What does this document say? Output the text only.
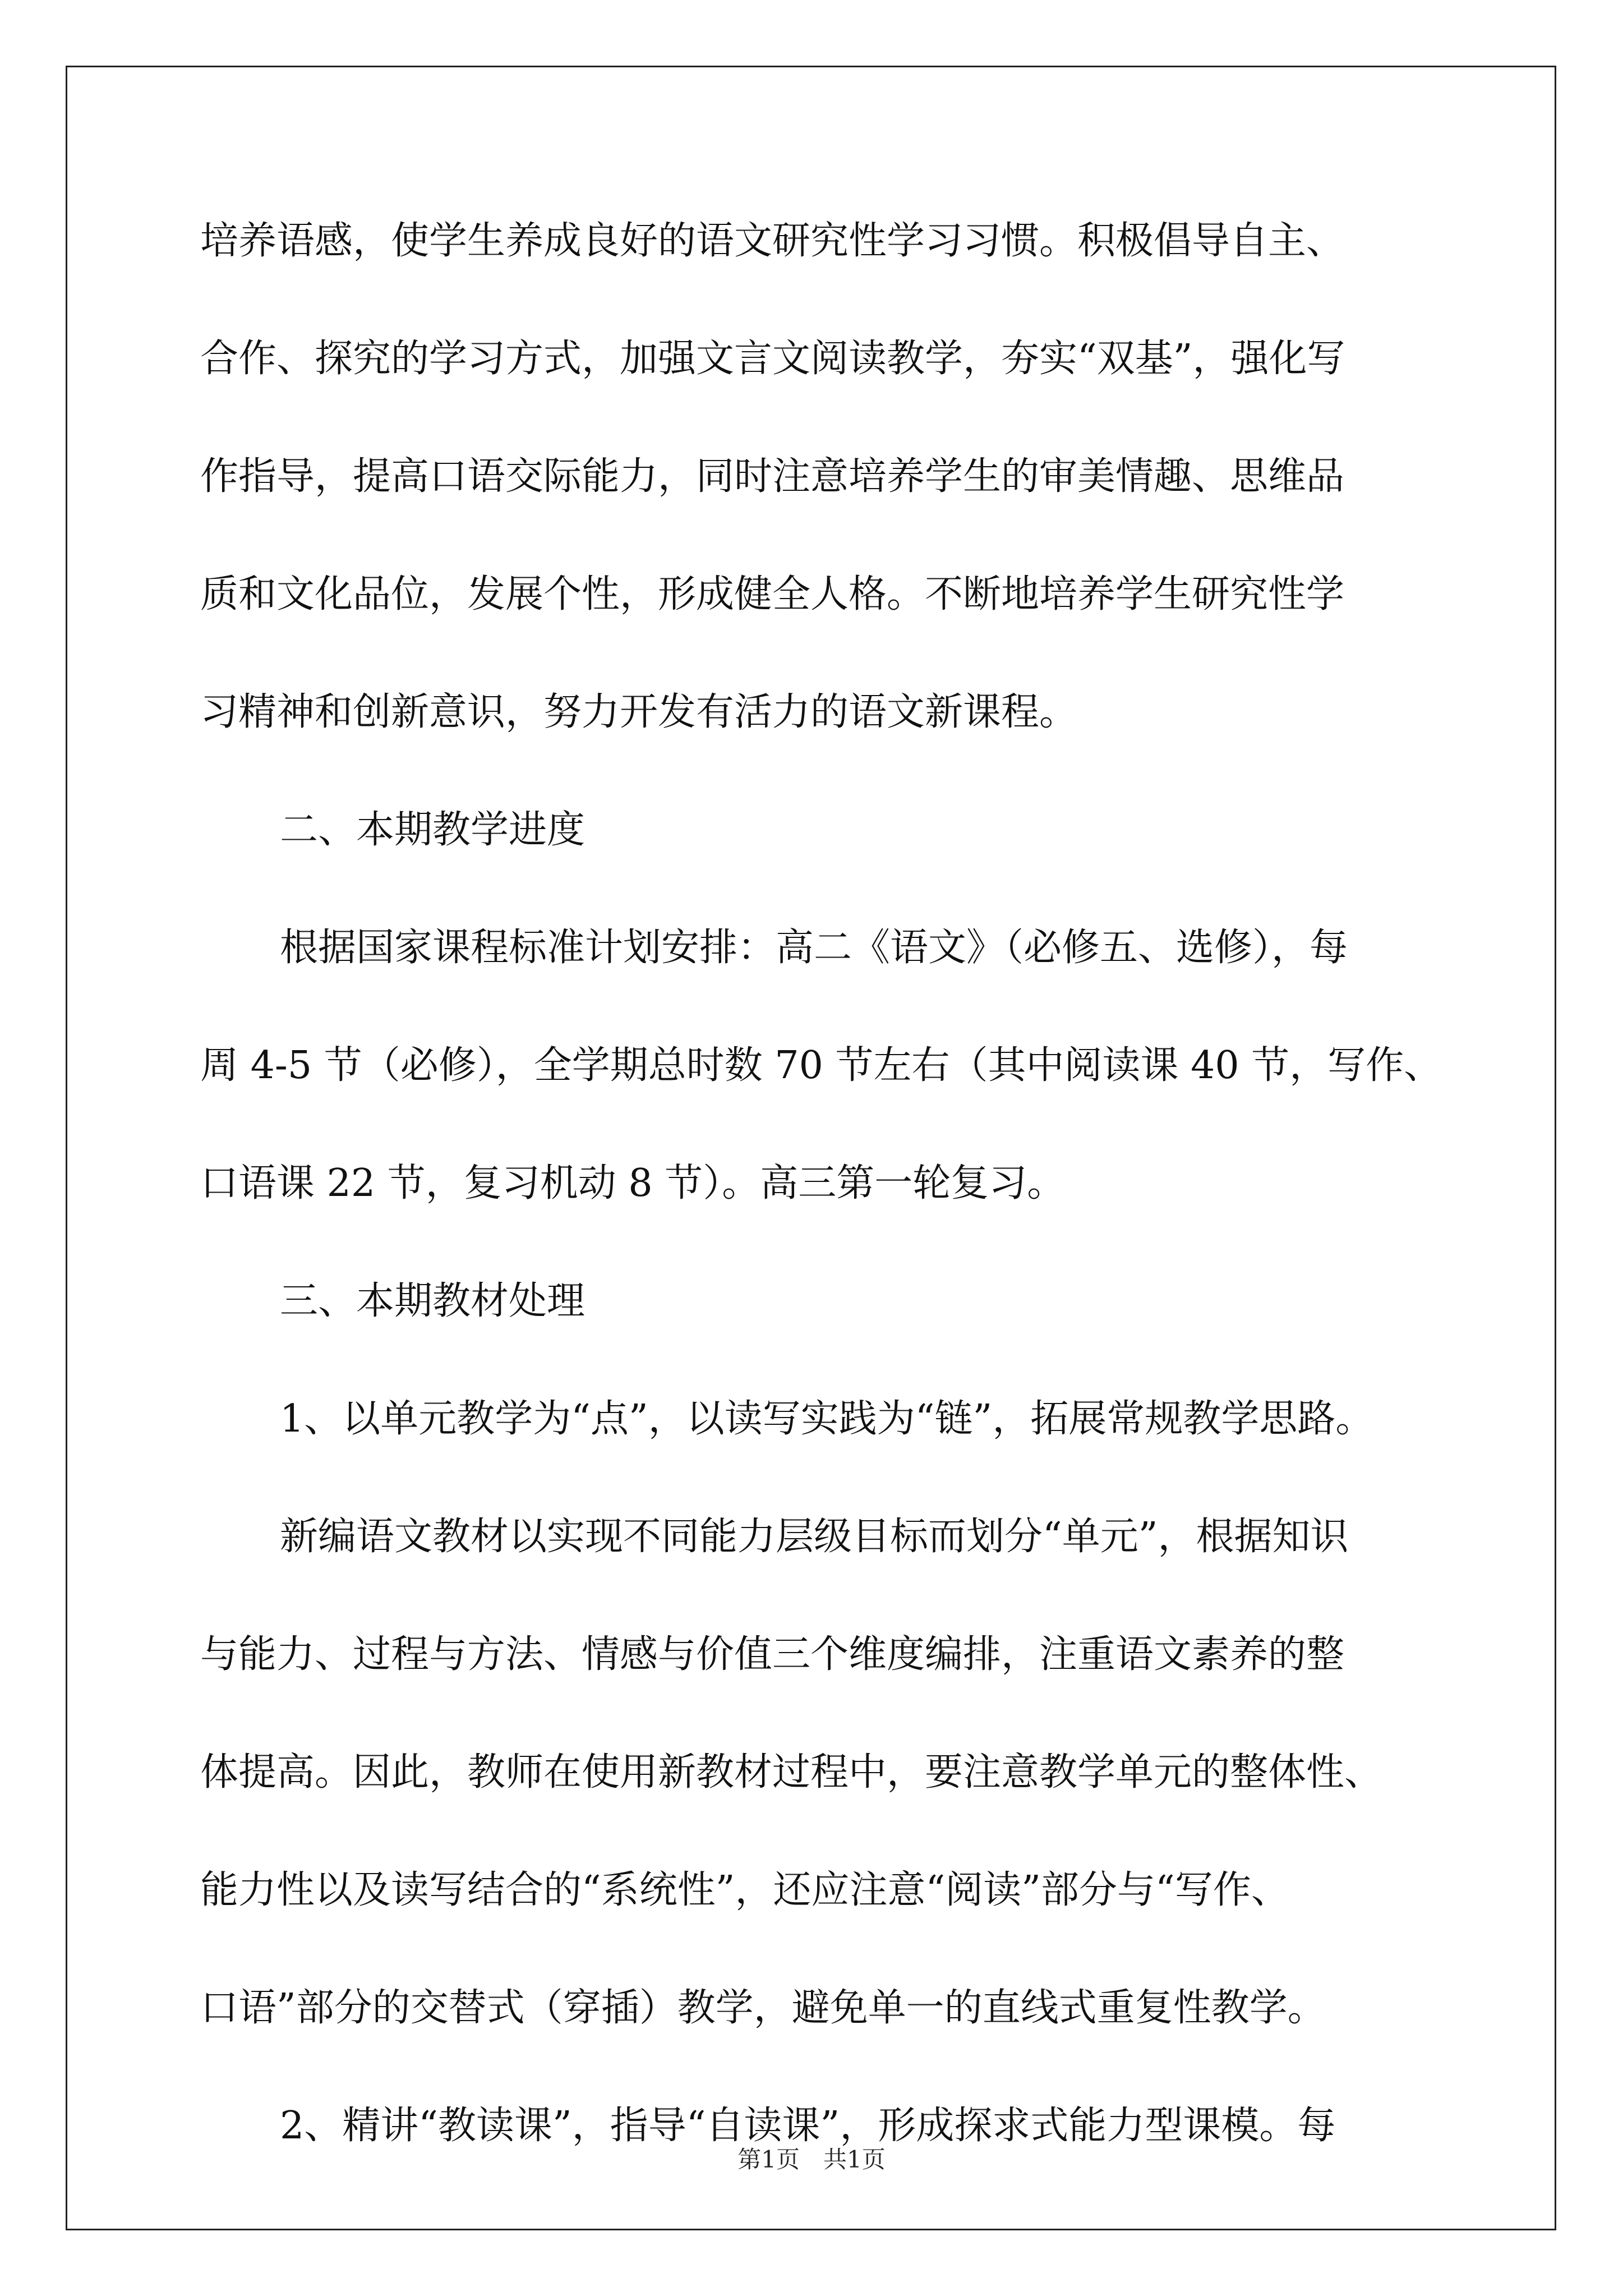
培养语感，使学生养成良好的语文研究性学习习惯。积极倡导自主、
合作、探究的学习方式，加强文言文阅读教学，夯实“双基”，强化写
作指导，提高口语交际能力，同时注意培养学生的审美情趣、思维品
质和文化品位，发展个性，形成健全人格。不断地培养学生研究性学
习精神和创新意识，努力开发有活力的语文新课程。
二、本期教学进度
根据国家课程标准计划安排：高二《语文》（必修五、选修），每
周 4-5 节（必修），全学期总时数 70 节左右（其中阅读课 40 节，写作、
口语课 22 节，复习机动 8 节）。高三第一轮复习。
三、本期教材处理
1、以单元教学为“点”，以读写实践为“链”，拓展常规教学思路。
新编语文教材以实现不同能力层级目标而划分“单元”，根据知识
与能力、过程与方法、情感与价值三个维度编排，注重语文素养的整
体提高。因此，教师在使用新教材过程中，要注意教学单元的整体性、
能力性以及读写结合的“系统性”，还应注意“阅读”部分与“写作、
口语”部分的交替式（穿插）教学，避免单一的直线式重复性教学。
2、精讲“教读课”，指导“自读课”，形成探求式能力型课模。每
第1页　共1页
